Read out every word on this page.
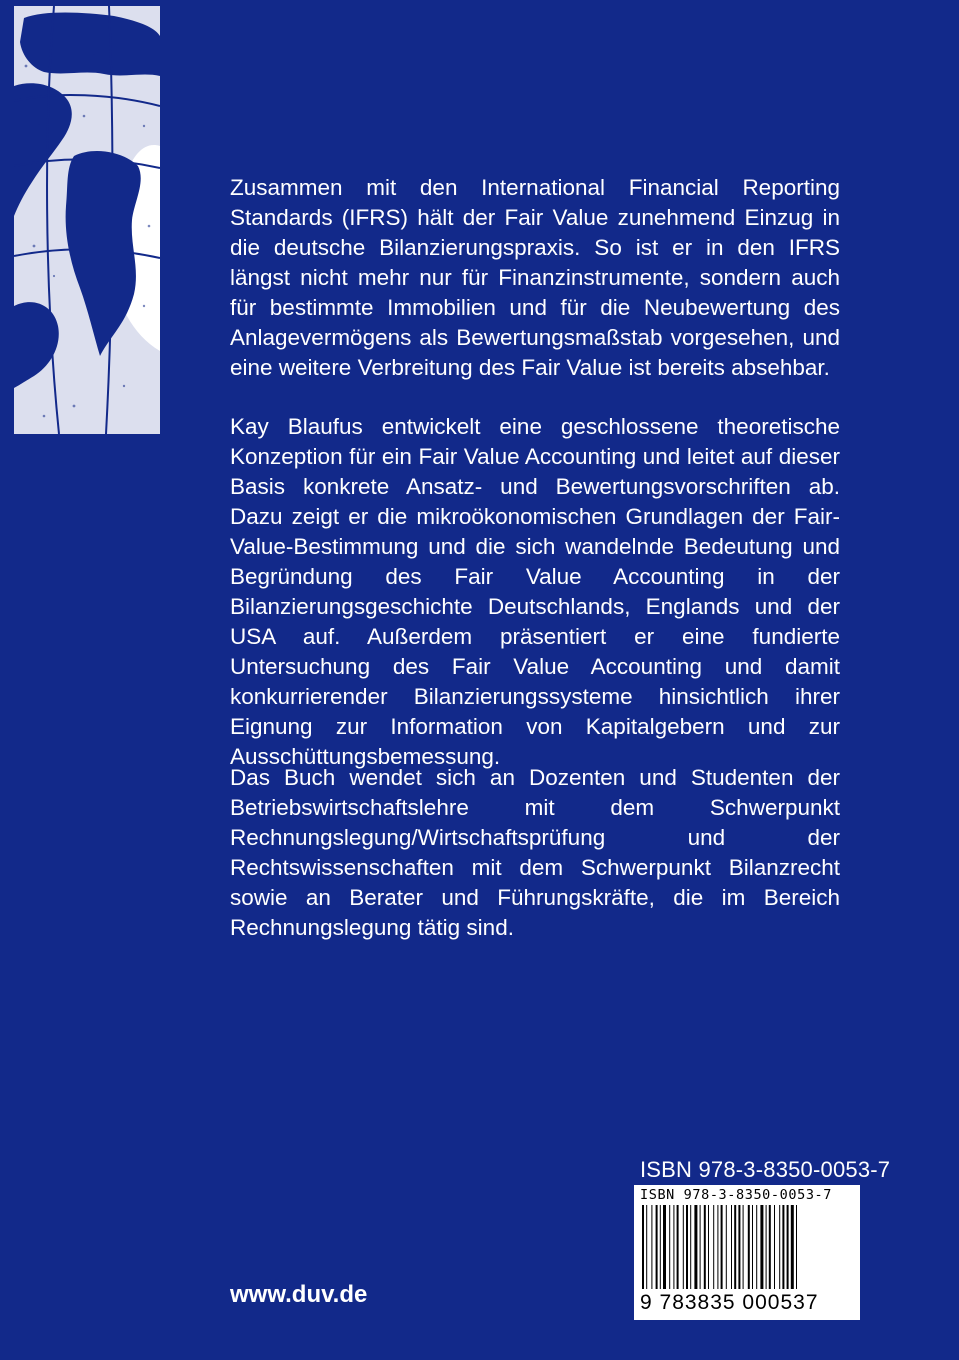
Zusammen mit den International Financial Reporting Standards (IFRS) hält der Fair Value zunehmend Einzug in die deutsche Bilanzierungspraxis. So ist er in den IFRS längst nicht mehr nur für Finanzinstrumente, sondern auch für bestimmte Immobilien und für die Neubewertung des Anlagevermögens als Bewertungsmaßstab vorgesehen, und eine weitere Verbreitung des Fair Value ist bereits absehbar.

Kay Blaufus entwickelt eine geschlossene theoretische Konzeption für ein Fair Value Accounting und leitet auf dieser Basis konkrete Ansatz- und Bewertungsvorschriften ab. Dazu zeigt er die mikroökonomischen Grundlagen der Fair-Value-Bestimmung und die sich wandelnde Bedeutung und Begründung des Fair Value Accounting in der Bilanzierungsgeschichte Deutschlands, Englands und der USA auf. Außerdem präsentiert er eine fundierte Untersuchung des Fair Value Accounting und damit konkurrierender Bilanzierungssysteme hinsichtlich ihrer Eignung zur Information von Kapitalgebern und zur Ausschüttungsbemessung.

Das Buch wendet sich an Dozenten und Studenten der Betriebswirtschaftslehre mit dem Schwerpunkt Rechnungslegung/Wirtschaftsprüfung und der Rechtswissenschaften mit dem Schwerpunkt Bilanzrecht sowie an Berater und Führungskräfte, die im Bereich Rechnungslegung tätig sind.

ISBN 978-3-8350-0053-7
ISBN 978-3-8350-0053-7
9 783835 000537
www.duv.de
